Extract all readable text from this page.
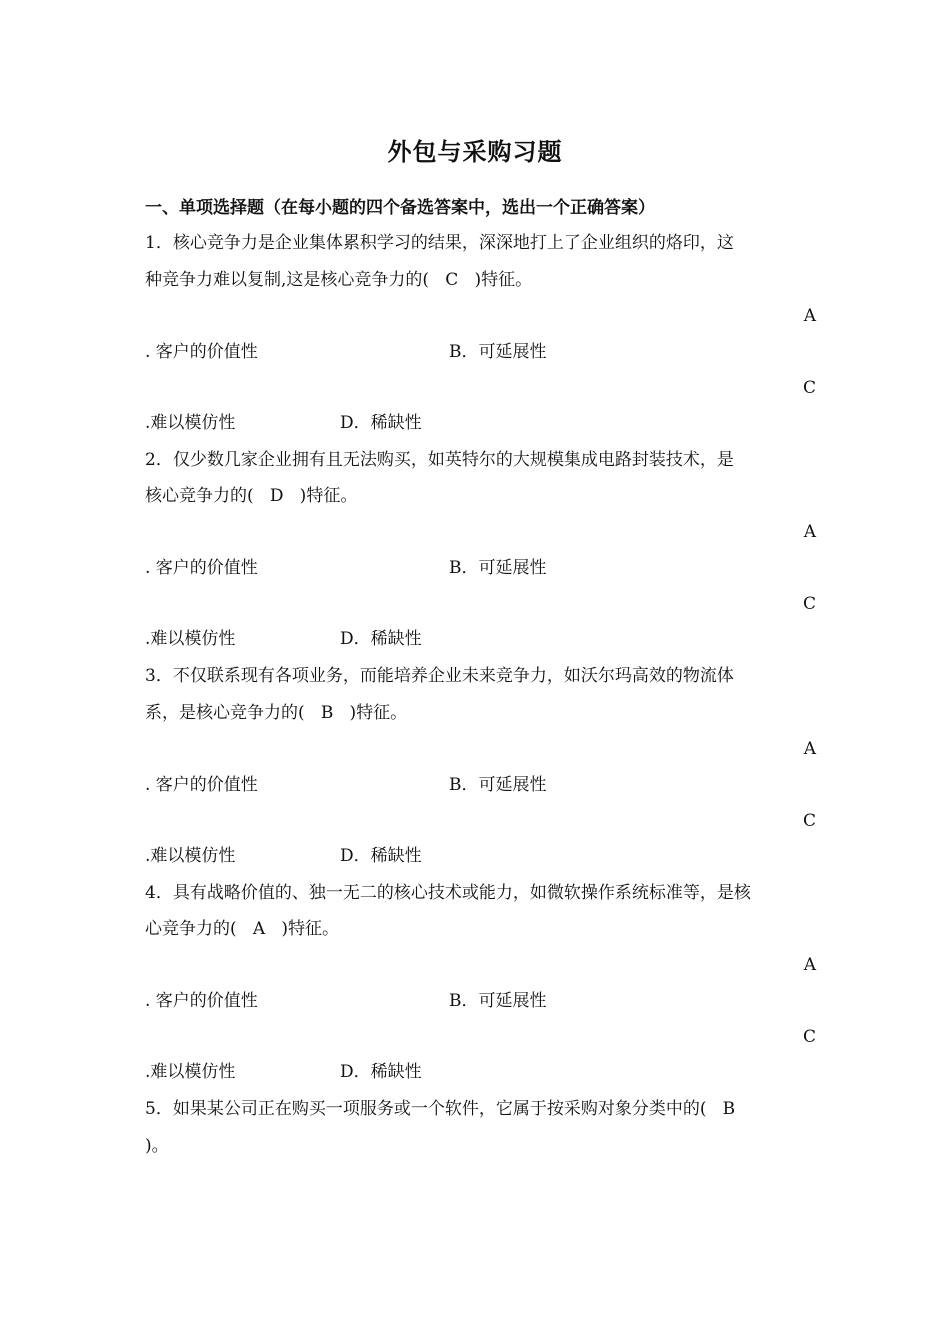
外包与采购习题
一、单项选择题（在每小题的四个备选答案中，选出一个正确答案）
1．核心竞争力是企业集体累积学习的结果，深深地打上了企业组织的烙印，这
种竞争力难以复制,这是核心竞争力的(   C   )特征。
A
. 客户的价值性	B．可延展性
C
.难以模仿性	D．稀缺性
2．仅少数几家企业拥有且无法购买，如英特尔的大规模集成电路封装技术，是
核心竞争力的(   D   )特征。
A
. 客户的价值性	B．可延展性
C
.难以模仿性	D．稀缺性
3．不仅联系现有各项业务，而能培养企业未来竞争力，如沃尔玛高效的物流体
系，是核心竞争力的(   B   )特征。
A
. 客户的价值性	B．可延展性
C
.难以模仿性	D．稀缺性
4．具有战略价值的、独一无二的核心技术或能力，如微软操作系统标准等，是核
心竞争力的(   A   )特征。
A
. 客户的价值性	B．可延展性
C
.难以模仿性	D．稀缺性
5．如果某公司正在购买一项服务或一个软件，它属于按采购对象分类中的(   B
)。
